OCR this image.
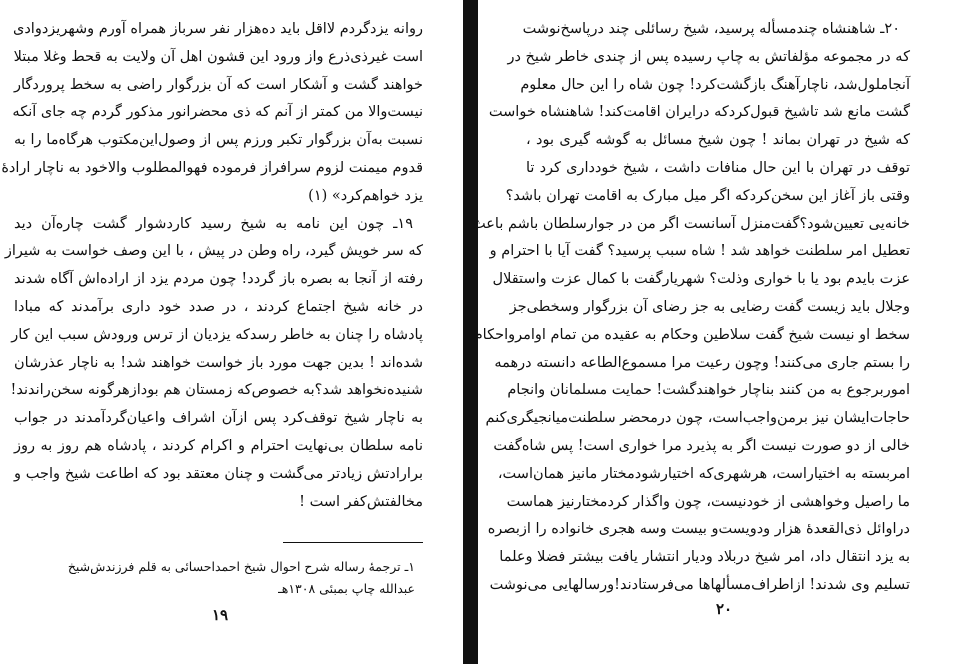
روانه یزدگردم لااقل باید ده‌هزار نفر سرباز همراه آورم وشهریزدوادی
است غیرذی‌ذرع واز ورود این قشون اهل آن ولایت به قحط وغلا مبتلا
خواهند گشت و آشکار است که آن بزرگوار راضی به سخط پروردگار
نیست‌والا من کمتر از آنم که ذی محضرانور مذکور گردم چه جای آنکه
نسبت به‌آن بزرگوار تکبر ورزم پس از وصول‌این‌مکتوب هرگاه‌ما را به
قدوم میمنت لزوم سرافراز فرموده فهوالمطلوب والاخود به ناچار ارادهٔ
یزد خواهم‌کرد» (۱)
۱۹ـ چون این نامه به شیخ رسید کاردشوار گشت چاره‌آن دید
که سر خویش گیرد، راه وطن در پیش ، با این وصف خواست به شیراز
رفته از آنجا به بصره باز گردد! چون مردم یزد از اراده‌اش آگاه شدند
در خانه شیخ اجتماع کردند ، در صدد خود داری برآمدند که مبادا
پادشاه را چنان به خاطر رسدکه یزدیان از ترس ورودش سبب این کار
شده‌اند ! بدین جهت مورد باز خواست خواهند شد! به ناچار عذرشان
شنیده‌نخواهد شد؟به خصوص‌که زمستان هم بودازهرگونه سخن‌راندند!
به ناچار شیخ توقف‌کرد پس از‌آن اشراف واعیان‌گردآمدند در جواب
نامه سلطان بی‌نهایت احترام و اکرام کردند ، پادشاه هم روز به روز
برارادتش زیادتر می‌گشت و چنان معتقد بود که اطاعت شیخ واجب و
مخالفتش‌کفر است !
۱ـ ترجمهٔ رساله شرح احوال شیخ احمداحسائی به قلم فرزندش‌شیخ
عبدالله چاپ بمبئی ۱۳۰۸هـ
۱۹
۲۰ـ شاهنشاه چندمسأله پرسید، شیخ رسائلی چند درپاسخ‌نوشت
که در مجموعه مؤلفاتش به چاپ رسیده پس از چندی خاطر شیخ در
آنجاملول‌شد، ناچارآهنگ بازگشت‌کرد! چون شاه را این حال معلوم
گشت مانع شد تاشیخ قبول‌کردکه درایران اقامت‌کند! شاهنشاه خواست
که شیخ در تهران بماند ! چون شیخ مسائل به گوشه گیری بود ،
توقف در تهران با این حال منافات داشت ، شیخ خودداری کرد تا
وقتی باز آغاز این سخن‌کردکه اگر میل مبارک به اقامت تهران باشد؟
خانه‌یی تعیین‌شود؟گفت‌منزل آسانست اگر من در جوارسلطان باشم باعث
تعطیل امر سلطنت خواهد شد ! شاه سبب پرسید؟ گفت آیا با احترام و
عزت بایدم بود یا با خواری وذلت؟ شهریارگفت با کمال عزت واستقلال
وجلال باید زیست گفت رضایی به جز رضای آن بزرگوار وسخطی‌جز
سخط او نیست شیخ گفت سلاطین وحکام به عقیده من تمام اوامرواحکام
را بستم جاری می‌کنند! وچون رعیت مرا مسموع‌الطاعه دانسته درهمه
اموربرجوع به من کنند بناچار خواهندگشت! حمایت مسلمانان وانجام
حاجات‌ایشان نیز برمن‌واجب‌است، چون درمحضر سلطنت‌میانجیگری‌کنم
خالی از دو صورت نیست اگر به پذیرد مرا خواری است! پس شاه‌گفت
امربسته به اختیاراست، هرشهری‌که اختیارشودمختار مانیز همان‌است،
ما راصیل وخواهشی از خودنیست، چون واگذار کردمختارنیز هماست
دراوائل ذی‌القعدهٔ هزار ودویست‌و بیست وسه هجری خانواده را ازبصره
به یزد انتقال داد، امر شیخ دربلاد ودیار انتشار یافت بیشتر فضلا وعلما
تسلیم وی شدند! ازاطراف‌مسألهاها می‌فرستادند!ورسالهایی می‌نوشت
۲۰
